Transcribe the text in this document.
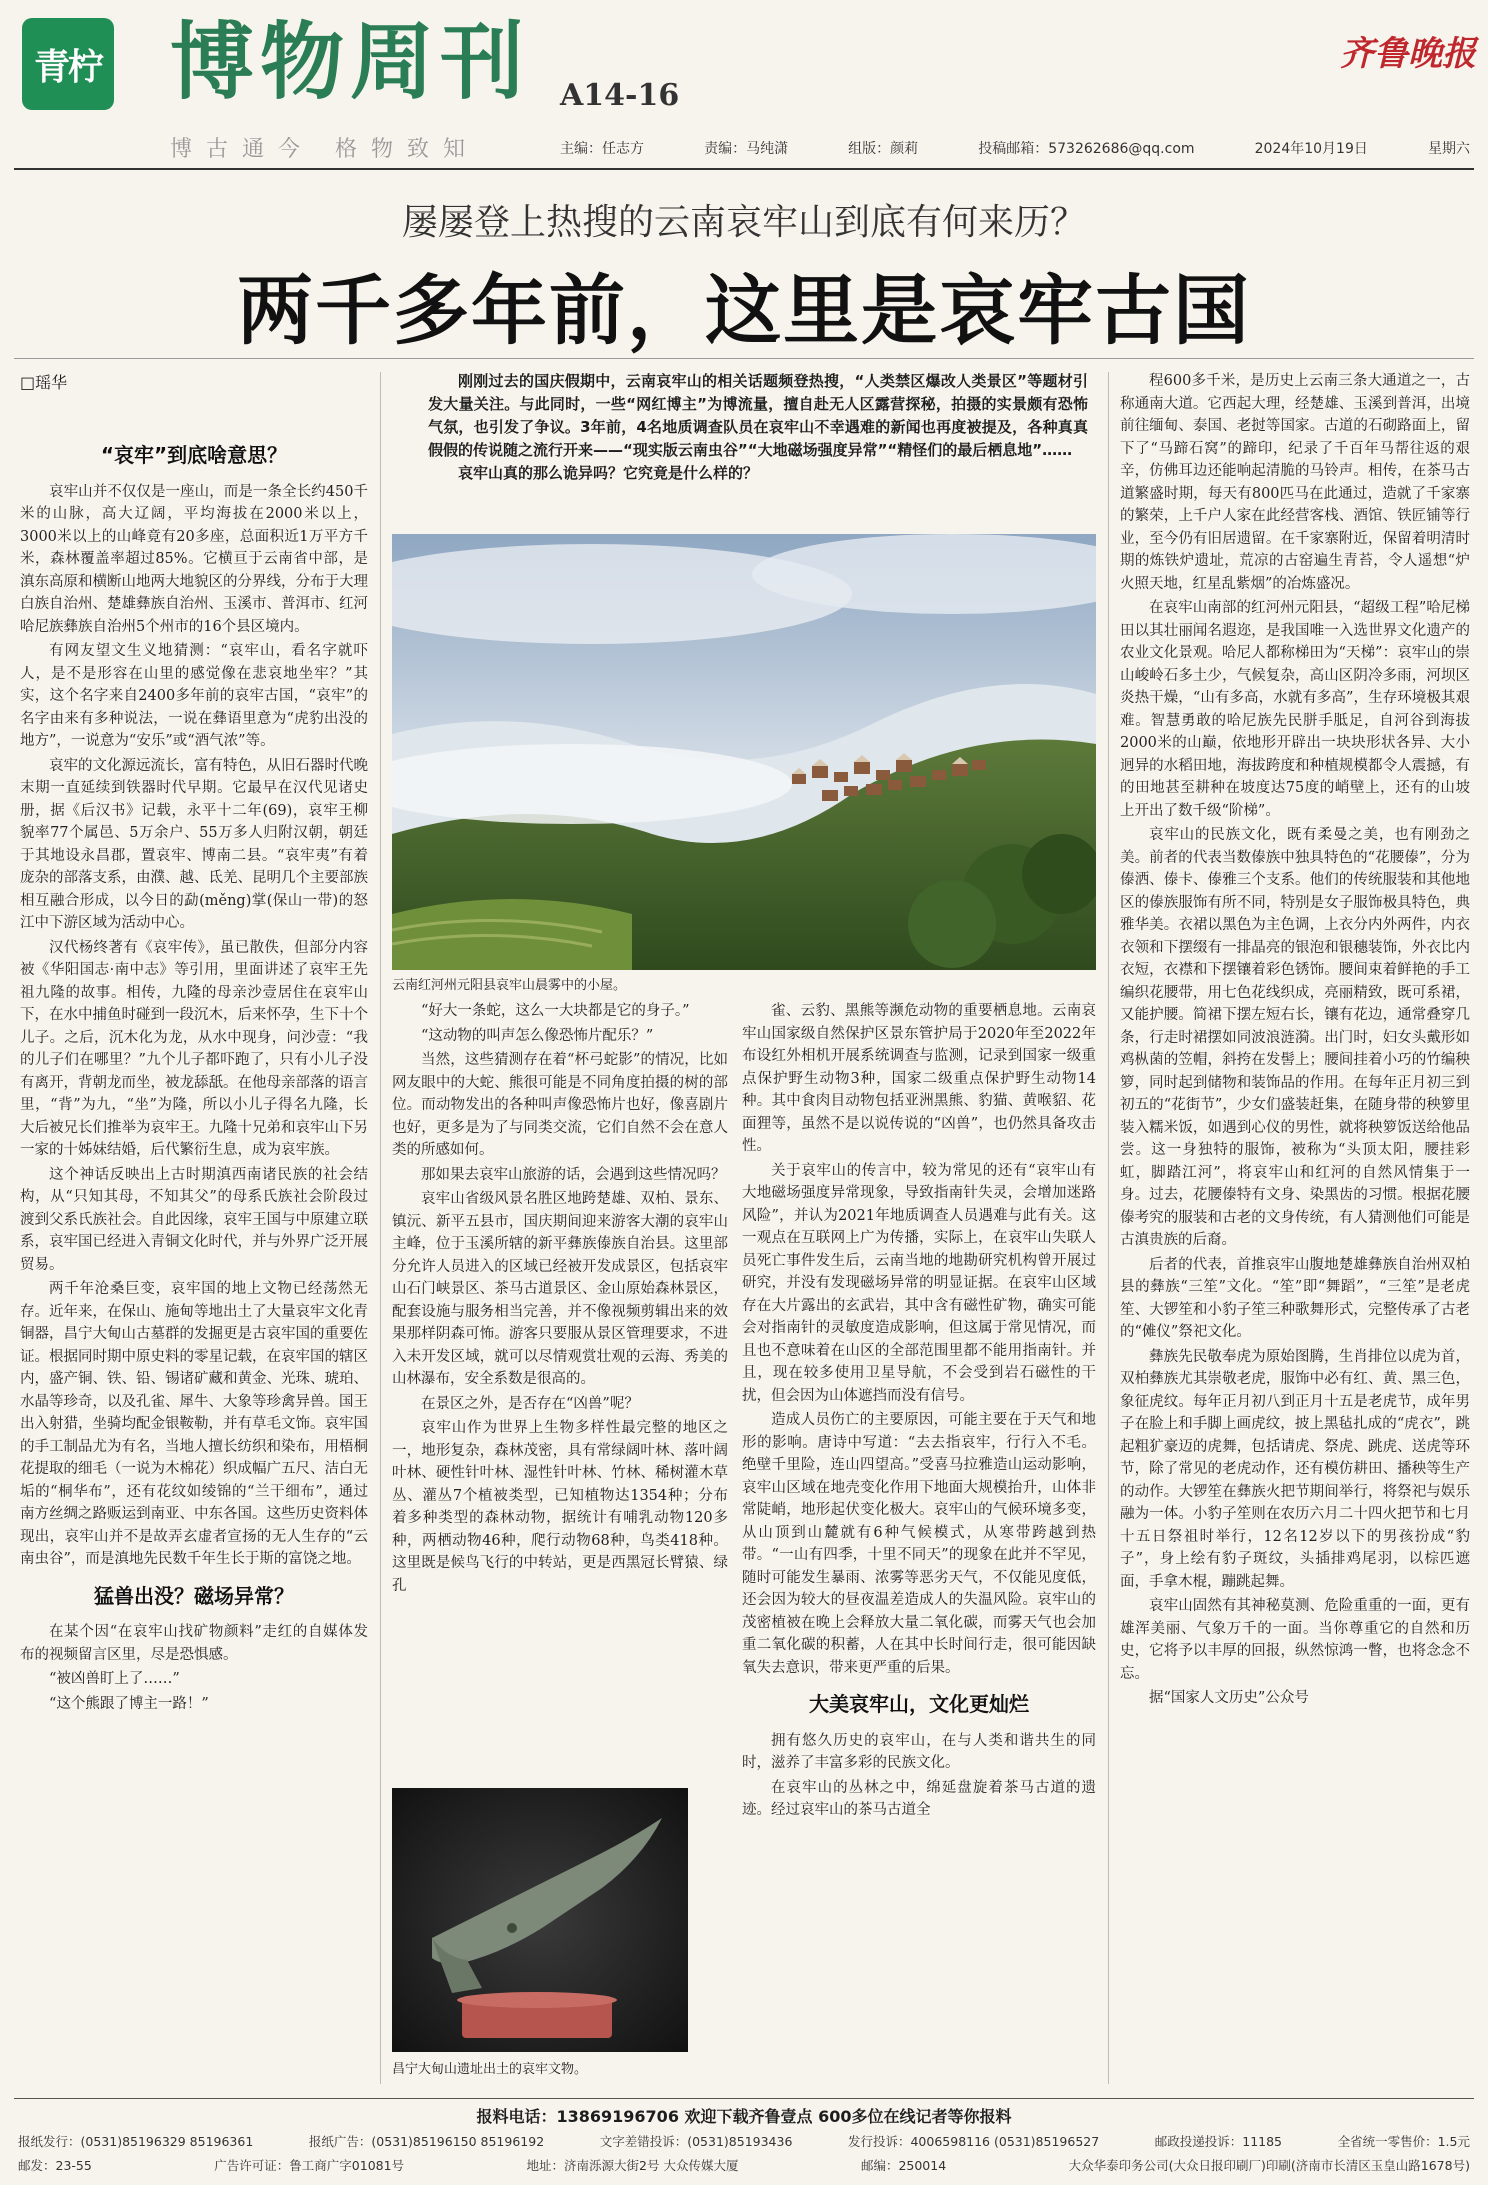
青柠 博物周刊 A14-16
齐鲁晚报
博古通今 格物致知	主编：任志方	责编：马纯潇	组版：颜莉	投稿邮箱：573262686@qq.com	2024年10月19日	星期六
屡屡登上热搜的云南哀牢山到底有何来历？
两千多年前，这里是哀牢古国
□瑶华	刚刚过去的国庆假期中，云南哀牢山的相关话题频登热搜，“人类禁区爆改人类景区”等题材引发大量关注。与此同时，一些“网红博主”为博流量，擅自赴无人区露营探秘，拍摄的实景颇有恐怖气氛，也引发了争议。3年前，4名地质调查队员在哀牢山不幸遇难的新闻也再度被提及，各种真真假假的传说随之流行开来——“现实版云南虫谷”“大地磁场强度异常”“精怪们的最后栖息地”……

哀牢山真的那么诡异吗？它究竟是什么样的？

云南红河州元阳县哀牢山晨雾中的小屋。
昌宁大甸山遗址出土的哀牢文物。
“哀牢”到底啥意思？

哀牢山并不仅仅是一座山，而是一条全长约450千米的山脉，高大辽阔，平均海拔在2000米以上，3000米以上的山峰竟有20多座，总面积近1万平方千米，森林覆盖率超过85%。它横亘于云南省中部，是滇东高原和横断山地两大地貌区的分界线，分布于大理白族自治州、楚雄彝族自治州、玉溪市、普洱市、红河哈尼族彝族自治州5个州市的16个县区境内。

有网友望文生义地猜测：“哀牢山，看名字就吓人，是不是形容在山里的感觉像在悲哀地坐牢？”其实，这个名字来自2400多年前的哀牢古国，“哀牢”的名字由来有多种说法，一说在彝语里意为“虎豹出没的地方”，一说意为“安乐”或“酒气浓”等。

哀牢的文化源远流长，富有特色，从旧石器时代晚末期一直延续到铁器时代早期。它最早在汉代见诸史册，据《后汉书》记载，永平十二年(69)，哀牢王柳貌率77个属邑、5万余户、55万多人归附汉朝，朝廷于其地设永昌郡，置哀牢、博南二县。“哀牢夷”有着庞杂的部落支系，由濮、越、氐羌、昆明几个主要部族相互融合形成，以今日的勐(měng)掌(保山一带)的怒江中下游区域为活动中心。

汉代杨终著有《哀牢传》，虽已散佚，但部分内容被《华阳国志·南中志》等引用，里面讲述了哀牢王先祖九隆的故事。相传，九隆的母亲沙壹居住在哀牢山下，在水中捕鱼时碰到一段沉木，后来怀孕，生下十个儿子。之后，沉木化为龙，从水中现身，问沙壹：“我的儿子们在哪里？”九个儿子都吓跑了，只有小儿子没有离开，背朝龙而坐，被龙舔舐。在他母亲部落的语言里，“背”为九，“坐”为隆，所以小儿子得名九隆，长大后被兄长们推举为哀牢王。九隆十兄弟和哀牢山下另一家的十姊妹结婚，后代繁衍生息，成为哀牢族。

这个神话反映出上古时期滇西南诸民族的社会结构，从“只知其母，不知其父”的母系氏族社会阶段过渡到父系氏族社会。自此因缘，哀牢王国与中原建立联系，哀牢国已经进入青铜文化时代，并与外界广泛开展贸易。

两千年沧桑巨变，哀牢国的地上文物已经荡然无存。近年来，在保山、施甸等地出土了大量哀牢文化青铜器，昌宁大甸山古墓群的发掘更是古哀牢国的重要佐证。根据同时期中原史料的零星记载，在哀牢国的辖区内，盛产铜、铁、铅、锡诸矿藏和黄金、光珠、琥珀、水晶等珍奇，以及孔雀、犀牛、大象等珍禽异兽。国王出入射猎，坐骑均配金银鞍勒，并有草毛文饰。哀牢国的手工制品尤为有名，当地人擅长纺织和染布，用梧桐花提取的细毛（一说为木棉花）织成幅广五尺、洁白无垢的“桐华布”，还有花纹如绫锦的“兰干细布”，通过南方丝绸之路贩运到南亚、中东各国。这些历史资料体现出，哀牢山并不是故弄玄虚者宣扬的无人生存的“云南虫谷”，而是滇地先民数千年生长于斯的富饶之地。

猛兽出没？磁场异常？

在某个因“在哀牢山找矿物颜料”走红的自媒体发布的视频留言区里，尽是恐惧感。

“被凶兽盯上了……”

“这个熊跟了博主一路！”

“好大一条蛇，这么一大块都是它的身子。”

“这动物的叫声怎么像恐怖片配乐？”

当然，这些猜测存在着“杯弓蛇影”的情况，比如网友眼中的大蛇、熊很可能是不同角度拍摄的树的部位。而动物发出的各种叫声像恐怖片也好，像喜剧片也好，更多是为了与同类交流，它们自然不会在意人类的所感如何。

那如果去哀牢山旅游的话，会遇到这些情况吗？

哀牢山省级风景名胜区地跨楚雄、双柏、景东、镇沅、新平五县市，国庆期间迎来游客大潮的哀牢山主峰，位于玉溪所辖的新平彝族傣族自治县。这里部分允许人员进入的区域已经被开发成景区，包括哀牢山石门峡景区、茶马古道景区、金山原始森林景区，配套设施与服务相当完善，并不像视频剪辑出来的效果那样阴森可怖。游客只要服从景区管理要求，不进入未开发区域，就可以尽情观赏壮观的云海、秀美的山林瀑布，安全系数是很高的。

在景区之外，是否存在“凶兽”呢？

哀牢山作为世界上生物多样性最完整的地区之一，地形复杂，森林茂密，具有常绿阔叶林、落叶阔叶林、硬性针叶林、湿性针叶林、竹林、稀树灌木草丛、灌丛7个植被类型，已知植物达1354种；分布着多种类型的森林动物，据统计有哺乳动物120多种，两栖动物46种，爬行动物68种，鸟类418种。这里既是候鸟飞行的中转站，更是西黑冠长臂猿、绿孔

雀、云豹、黑熊等濒危动物的重要栖息地。云南哀牢山国家级自然保护区景东管护局于2020年至2022年布设红外相机开展系统调查与监测，记录到国家一级重点保护野生动物3种，国家二级重点保护野生动物14种。其中食肉目动物包括亚洲黑熊、豹猫、黄喉貂、花面狸等，虽然不是以说传说的“凶兽”，也仍然具备攻击性。

关于哀牢山的传言中，较为常见的还有“哀牢山有大地磁场强度异常现象，导致指南针失灵，会增加迷路风险”，并认为2021年地质调查人员遇难与此有关。这一观点在互联网上广为传播，实际上，在哀牢山失联人员死亡事件发生后，云南当地的地勘研究机构曾开展过研究，并没有发现磁场异常的明显证据。在哀牢山区域存在大片露出的玄武岩，其中含有磁性矿物，确实可能会对指南针的灵敏度造成影响，但这属于常见情况，而且也不意味着在山区的全部范围里都不能用指南针。并且，现在较多使用卫星导航，不会受到岩石磁性的干扰，但会因为山体遮挡而没有信号。

造成人员伤亡的主要原因，可能主要在于天气和地形的影响。唐诗中写道：“去去指哀牢，行行入不毛。绝壁千里险，连山四望高。”受喜马拉雅造山运动影响，哀牢山区域在地壳变化作用下地面大规模抬升，山体非常陡峭，地形起伏变化极大。哀牢山的气候环境多变，从山顶到山麓就有6种气候模式，从寒带跨越到热带。“一山有四季，十里不同天”的现象在此并不罕见，随时可能发生暴雨、浓雾等恶劣天气，不仅能见度低，还会因为较大的昼夜温差造成人的失温风险。哀牢山的茂密植被在晚上会释放大量二氧化碳，而雾天气也会加重二氧化碳的积蓄，人在其中长时间行走，很可能因缺氧失去意识，带来更严重的后果。

大美哀牢山，文化更灿烂

拥有悠久历史的哀牢山，在与人类和谐共生的同时，滋养了丰富多彩的民族文化。

在哀牢山的丛林之中，绵延盘旋着茶马古道的遗迹。经过哀牢山的茶马古道全

程600多千米，是历史上云南三条大通道之一，古称通南大道。它西起大理，经楚雄、玉溪到普洱，出境前往缅甸、泰国、老挝等国家。古道的石砌路面上，留下了“马蹄石窝”的蹄印，纪录了千百年马帮往返的艰辛，仿佛耳边还能响起清脆的马铃声。相传，在茶马古道繁盛时期，每天有800匹马在此通过，造就了千家寨的繁荣，上千户人家在此经营客栈、酒馆、铁匠铺等行业，至今仍有旧居遗留。在千家寨附近，保留着明清时期的炼铁炉遗址，荒凉的古窑遍生青苔，令人遥想“炉火照天地，红星乱紫烟”的冶炼盛况。

在哀牢山南部的红河州元阳县，“超级工程”哈尼梯田以其壮丽闻名遐迩，是我国唯一入选世界文化遗产的农业文化景观。哈尼人都称梯田为“天梯”：哀牢山的崇山峻岭石多土少，气候复杂，高山区阴冷多雨，河坝区炎热干燥，“山有多高，水就有多高”，生存环境极其艰难。智慧勇敢的哈尼族先民胼手胝足，自河谷到海拔2000米的山巅，依地形开辟出一块块形状各异、大小迥异的水稻田地，海拔跨度和种植规模都令人震撼，有的田地甚至耕种在坡度达75度的峭壁上，还有的山坡上开出了数千级“阶梯”。

哀牢山的民族文化，既有柔曼之美，也有刚劲之美。前者的代表当数傣族中独具特色的“花腰傣”，分为傣洒、傣卡、傣雅三个支系。他们的传统服装和其他地区的傣族服饰有所不同，特别是女子服饰极具特色，典雅华美。衣裙以黑色为主色调，上衣分内外两件，内衣衣领和下摆缀有一排晶亮的银泡和银穗装饰，外衣比内衣短，衣襟和下摆镶着彩色锈饰。腰间束着鲜艳的手工编织花腰带，用七色花线织成，亮丽精致，既可系裙，又能护腰。简裙下摆左短右长，镶有花边，通常叠穿几条，行走时裙摆如同波浪涟漪。出门时，妇女头戴形如鸡枞菌的笠帽，斜挎在发髻上；腰间挂着小巧的竹编秧箩，同时起到储物和装饰品的作用。在每年正月初三到初五的“花街节”，少女们盛装赶集，在随身带的秧箩里装入糯米饭，如遇到心仪的男性，就将秧箩饭送给他品尝。这一身独特的服饰，被称为“头顶太阳，腰挂彩虹，脚踏江河”，将哀牢山和红河的自然风情集于一身。过去，花腰傣特有文身、染黑齿的习惯。根据花腰傣考究的服装和古老的文身传统，有人猜测他们可能是古滇贵族的后裔。

后者的代表，首推哀牢山腹地楚雄彝族自治州双柏县的彝族“三笙”文化。“笙”即“舞蹈”，“三笙”是老虎笙、大锣笙和小豹子笙三种歌舞形式，完整传承了古老的“傩仪”祭祀文化。

彝族先民敬奉虎为原始图腾，生肖排位以虎为首，双柏彝族尤其崇敬老虎，服饰中必有红、黄、黑三色，象征虎纹。每年正月初八到正月十五是老虎节，成年男子在脸上和手脚上画虎纹，披上黑毡扎成的“虎衣”，跳起粗犷豪迈的虎舞，包括请虎、祭虎、跳虎、送虎等环节，除了常见的老虎动作，还有模仿耕田、播秧等生产的动作。大锣笙在彝族火把节期间举行，将祭祀与娱乐融为一体。小豹子笙则在农历六月二十四火把节和七月十五日祭祖时举行，12名12岁以下的男孩扮成“豹子”，身上绘有豹子斑纹，头插排鸡尾羽，以棕匹遮面，手拿木棍，蹦跳起舞。

哀牢山固然有其神秘莫测、危险重重的一面，更有雄浑美丽、气象万千的一面。当你尊重它的自然和历史，它将予以丰厚的回报，纵然惊鸿一瞥，也将念念不忘。

据“国家人文历史”公众号

报料电话：13869196706 欢迎下载齐鲁壹点 600多位在线记者等你报料
报纸发行：(0531)85196329 85196361	报纸广告：(0531)85196150 85196192	文字差错投诉：(0531)85193436	发行投诉：4006598116 (0531)85196527	邮政投递投诉：11185	全省统一零售价：1.5元
邮发：23-55	广告许可证：鲁工商广字01081号	地址：济南泺源大街2号 大众传媒大厦	邮编：250014	大众华泰印务公司(大众日报印刷厂)印刷(济南市长清区玉皇山路1678号)
